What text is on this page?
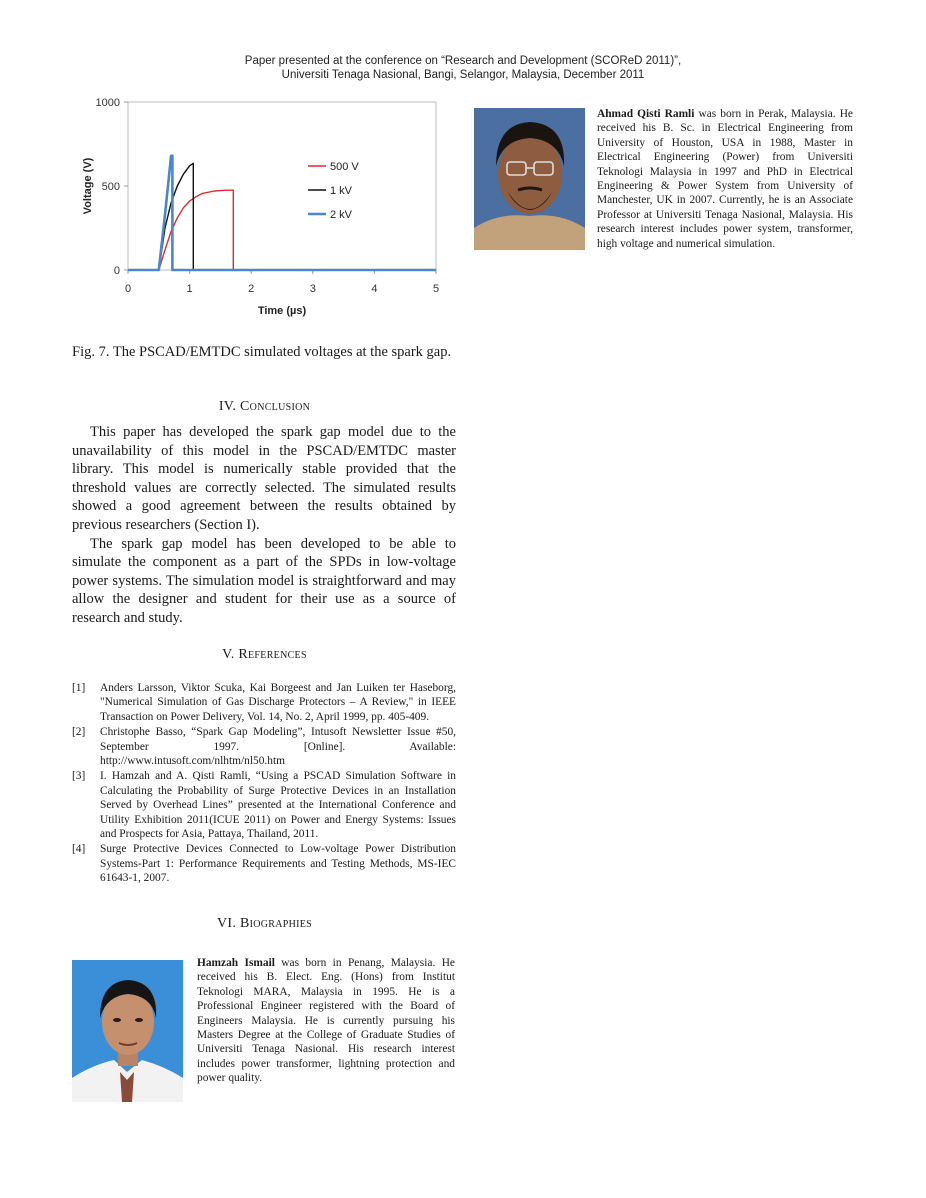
Paper presented at the conference on “Research and Development (SCOReD 2011)”,
Universiti Tenaga Nasional, Bangi, Selangor, Malaysia, December 2011
0
500
1000
0	1	2	3	4	5
Time (µs)
Voltage (V)	500 V
1 kV
2 kV
Fig. 7. The PSCAD/EMTDC simulated voltages at the spark gap.
IV. Conclusion

This paper has developed the spark gap model due to the unavailability of this model in the PSCAD/EMTDC master library. This model is numerically stable provided that the threshold values are correctly selected. The simulated results showed a good agreement between the results obtained by previous researchers (Section I).

The spark gap model has been developed to be able to simulate the component as a part of the SPDs in low-voltage power systems. The simulation model is straightforward and may allow the designer and student for their use as a source of research and study.

V. References
[1]	Anders Larsson, Viktor Scuka, Kai Borgeest and Jan Luiken ter Haseborg, "Numerical Simulation of Gas Discharge Protectors – A Review," in IEEE Transaction on Power Delivery, Vol. 14, No. 2, April 1999, pp. 405-409.
[2]	Christophe Basso, “Spark Gap Modeling”, Intusoft Newsletter Issue #50, September 1997. [Online]. Available: http://www.intusoft.com/nlhtm/nl50.htm
[3]	I. Hamzah and A. Qisti Ramli, “Using a PSCAD Simulation Software in Calculating the Probability of Surge Protective Devices in an Installation Served by Overhead Lines” presented at the International Conference and Utility Exhibition 2011(ICUE 2011) on Power and Energy Systems: Issues and Prospects for Asia, Pattaya, Thailand, 2011.
[4]	Surge Protective Devices Connected to Low-voltage Power Distribution Systems-Part 1: Performance Requirements and Testing Methods, MS-IEC 61643-1, 2007.
VI. Biographies
Hamzah Ismail was born in Penang, Malaysia. He received his B. Elect. Eng. (Hons) from Institut Teknologi MARA, Malaysia in 1995. He is a Professional Engineer registered with the Board of Engineers Malaysia. He is currently pursuing his Masters Degree at the College of Graduate Studies of Universiti Tenaga Nasional. His research interest includes power transformer, lightning protection and power quality.
Ahmad Qisti Ramli was born in Perak, Malaysia. He received his B. Sc. in Electrical Engineering from University of Houston, USA in 1988, Master in Electrical Engineering (Power) from Universiti Teknologi Malaysia in 1997 and PhD in Electrical Engineering & Power System from University of Manchester, UK in 2007. Currently, he is an Associate Professor at Universiti Tenaga Nasional, Malaysia. His research interest includes power system, transformer, high voltage and numerical simulation.
